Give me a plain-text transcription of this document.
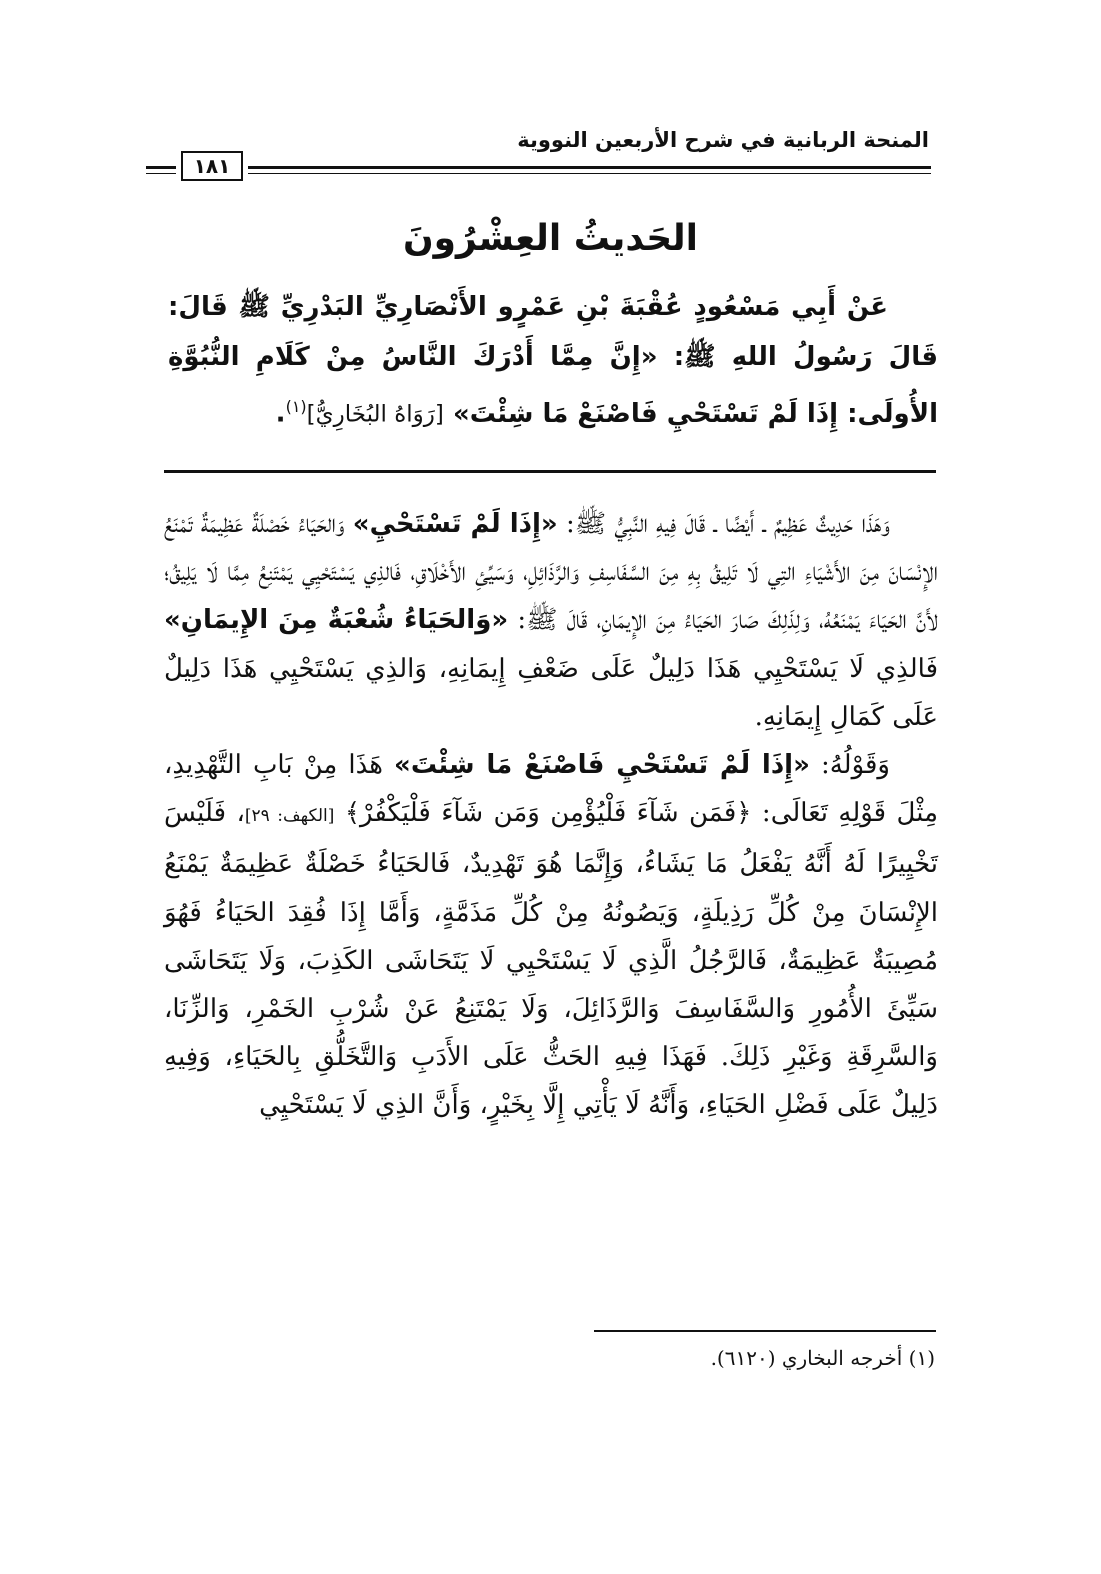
المنحة الربانية في شرح الأربعين النووية
١٨١
الحَديثُ العِشْرُونَ
عَنْ أَبِي مَسْعُودٍ عُقْبَةَ بْنِ عَمْرٍو الأَنْصَارِيِّ البَدْرِيِّ ﷺ قَالَ: قَالَ رَسُولُ اللهِ ﷺ: «إِنَّ مِمَّا أَدْرَكَ النَّاسُ مِنْ كَلَامِ النُّبُوَّةِ الأُولَى: إِذَا لَمْ تَسْتَحْيِ فَاصْنَعْ مَا شِئْتَ» [رَوَاهُ البُخَارِيُّ]$^{(١)}$.

وَهَذَا حَدِيثٌ عَظِيمٌ ـ أَيْضًا ـ قَالَ فِيهِ النَّبِيُّ ﷺ: «إِذَا لَمْ تَسْتَحْيِ» وَالحَيَاءُ خَصْلَةٌ عَظِيمَةٌ تَمْنَعُ الإِنْسَانَ مِنَ الأَشْيَاءِ التِي لَا تَلِيقُ بِهِ مِنَ السَّفَاسِفِ وَالرَّذَائِلِ، وَسَيِّئِ الأَخْلَاقِ، فَالذِي يَسْتَحْيِي يَمْتَنِعُ مِمَّا لَا يَلِيقُ؛ لأَنَّ الحَيَاءَ يَمْنَعُهُ، وَلِذَلِكَ صَارَ الحَيَاءُ مِنَ الإِيمَانِ، قَالَ ﷺ: «وَالحَيَاءُ شُعْبَةٌ مِنَ الإِيمَانِ» فَالذِي لَا يَسْتَحْيِي هَذَا دَلِيلٌ عَلَى ضَعْفِ إِيمَانِهِ، وَالذِي يَسْتَحْيِي هَذَا دَلِيلٌ عَلَى كَمَالِ إِيمَانِهِ.

وَقَوْلُهُ: «إِذَا لَمْ تَسْتَحْيِ فَاصْنَعْ مَا شِئْتَ» هَذَا مِنْ بَابِ التَّهْدِيدِ، مِثْلَ قَوْلِهِ تَعَالَى: ﴿فَمَن شَآءَ فَلْيُؤْمِن وَمَن شَآءَ فَلْيَكْفُرْ﴾ [الكهف: ٢٩]، فَلَيْسَ تَخْيِيرًا لَهُ أَنَّهُ يَفْعَلُ مَا يَشَاءُ، وَإِنَّمَا هُوَ تَهْدِيدٌ، فَالحَيَاءُ خَصْلَةٌ عَظِيمَةٌ يَمْنَعُ الإِنْسَانَ مِنْ كُلِّ رَذِيلَةٍ، وَيَصُونُهُ مِنْ كُلِّ مَذَمَّةٍ، وَأَمَّا إِذَا فُقِدَ الحَيَاءُ فَهُوَ مُصِيبَةٌ عَظِيمَةٌ، فَالرَّجُلُ الَّذِي لَا يَسْتَحْيِي لَا يَتَحَاشَى الكَذِبَ، وَلَا يَتَحَاشَى سَيِّئَ الأُمُورِ وَالسَّفَاسِفَ وَالرَّذَائِلَ، وَلَا يَمْتَنِعُ عَنْ شُرْبِ الخَمْرِ، وَالزِّنَا، وَالسَّرِقَةِ وَغَيْرِ ذَلِكَ. فَهَذَا فِيهِ الحَثُّ عَلَى الأَدَبِ وَالتَّخَلُّقِ بِالحَيَاءِ، وَفِيهِ دَلِيلٌ عَلَى فَضْلِ الحَيَاءِ، وَأَنَّهُ لَا يَأْتِي إِلَّا بِخَيْرٍ، وَأَنَّ الذِي لَا يَسْتَحْيِي

(١) أخرجه البخاري (٦١٢٠).
